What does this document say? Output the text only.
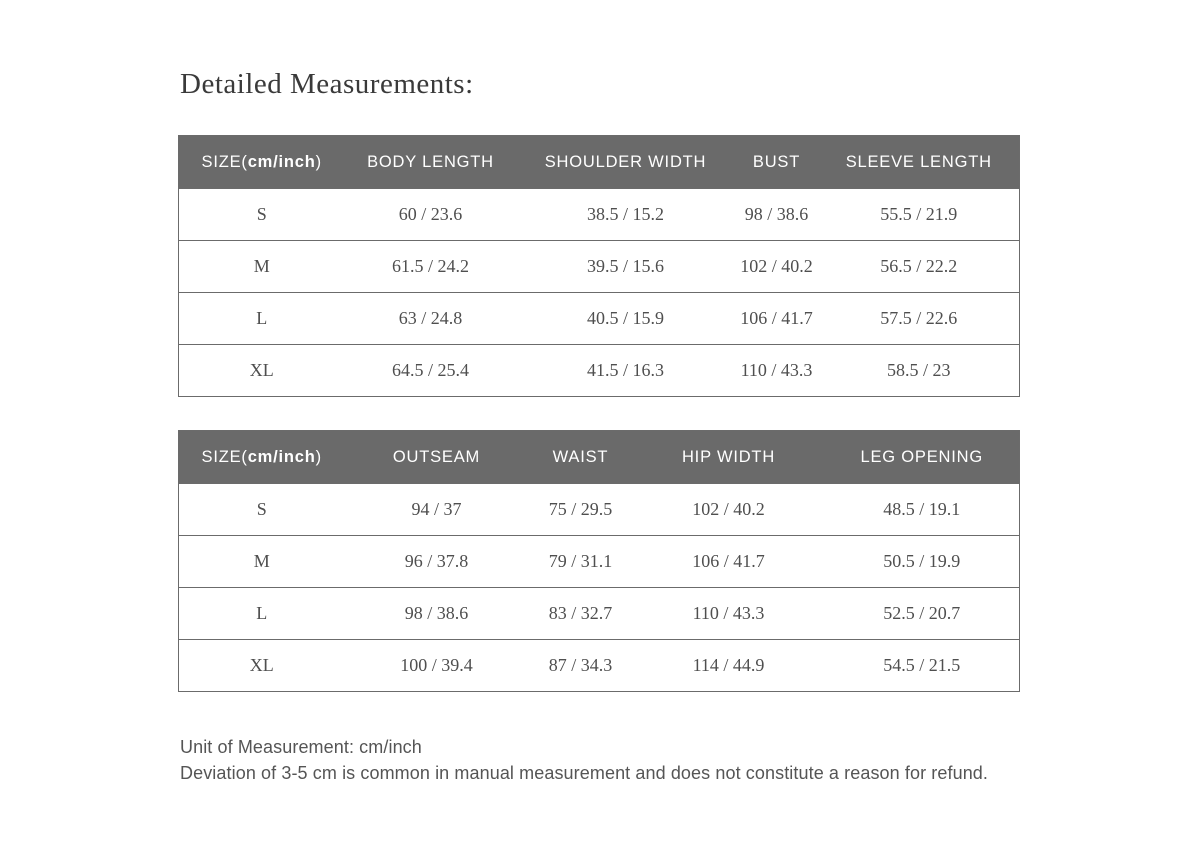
Detailed Measurements:
SIZE(cm/inch)	BODY LENGTH	SHOULDER WIDTH	BUST	SLEEVE LENGTH
S	60 / 23.6	38.5 / 15.2	98 / 38.6	55.5 / 21.9
M	61.5 / 24.2	39.5 / 15.6	102 / 40.2	56.5 / 22.2
L	63 / 24.8	40.5 / 15.9	106 / 41.7	57.5 / 22.6
XL	64.5 / 25.4	41.5 / 16.3	110 / 43.3	58.5 / 23
SIZE(cm/inch)	OUTSEAM	WAIST	HIP WIDTH	LEG OPENING
S	94 / 37	75 / 29.5	102 / 40.2	48.5 / 19.1
M	96 / 37.8	79 / 31.1	106 / 41.7	50.5 / 19.9
L	98 / 38.6	83 / 32.7	110 / 43.3	52.5 / 20.7
XL	100 / 39.4	87 / 34.3	114 / 44.9	54.5 / 21.5
Unit of Measurement: cm/inch
Deviation of 3-5 cm is common in manual measurement and does not constitute a reason for refund.
